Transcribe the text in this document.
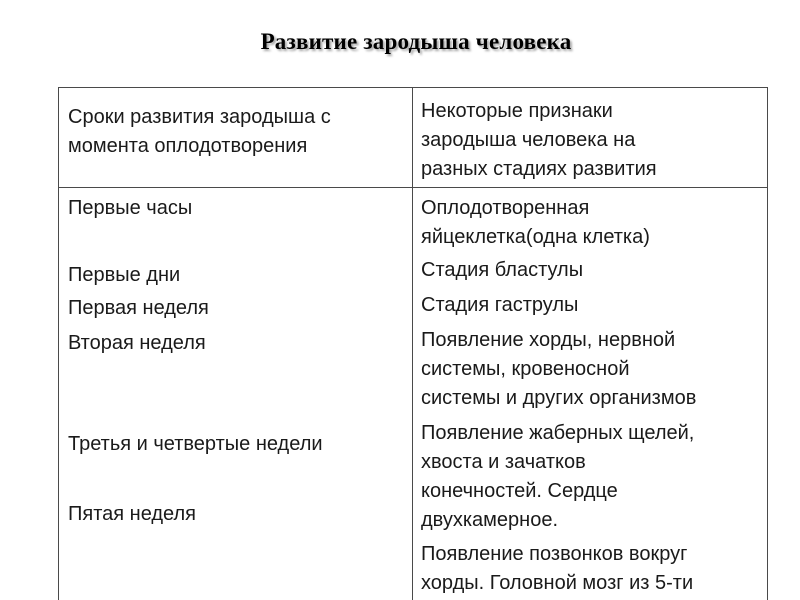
Развитие зародыша человека
Сроки развития зародыша с
момента оплодотворения
Некоторые признаки
зародыша человека на
разных стадиях развития
Первые часы
Первые дни
Первая неделя
Вторая неделя
Третья и четвертые недели
Пятая неделя
Оплодотворенная
яйцеклетка(одна клетка)
Стадия бластулы
Стадия гаструлы
Появление хорды, нервной
системы, кровеносной
системы и других организмов
Появление жаберных щелей,
хвоста и зачатков
конечностей. Сердце
двухкамерное.
Появление позвонков вокруг
хорды. Головной мозг из 5-ти
